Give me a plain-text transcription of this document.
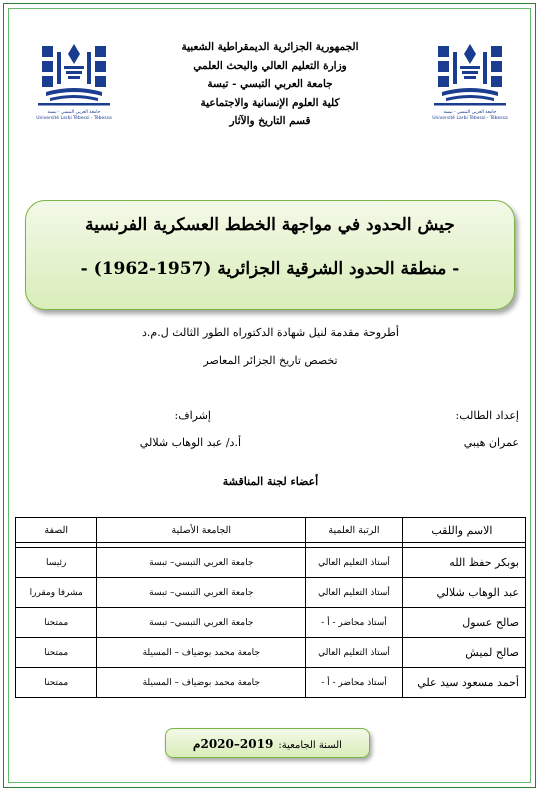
جامعة العربي التبسي - تبسة
Université Larbi Tébessi - Tébessa
جامعة العربي التبسي - تبسة
Université Larbi Tébessi - Tébessa
الجمهورية الجزائرية الديمقراطية الشعبية
وزارة التعليم العالي والبحث العلمي
جامعة العربي التبسي - تبسة
كلية العلوم الإنسانية والاجتماعية
قسم التاريخ والآثار
جيش الحدود في مواجهة الخطط العسكرية الفرنسية
- منطقة الحدود الشرقية الجزائرية (1957-1962) -
أطروحة مقدمة لنيل شهادة الدكتوراه الطور الثالث ل.م.د
تخصص تاريخ الجزائر المعاصر
إعداد الطالب:
إشراف:
عمران هيبي
أ.د/ عبد الوهاب شلالي
أعضاء لجنة المناقشة
الاسم واللقب	الرتبة العلمية	الجامعة الأصلية	الصفة

بوبكر حفظ الله	أستاذ التعليم العالي	جامعة العربي التبسي– تبسة	رئيسا
عبد الوهاب شلالي	أستاذ التعليم العالي	جامعة العربي التبسي– تبسة	مشرفا ومقررا
صالح عسول	أستاذ محاضر - أ -	جامعة العربي التبسي– تبسة	ممتحنا
صالح لميش	أستاذ التعليم العالي	جامعة محمد بوضياف – المسيلة	ممتحنا
أحمد مسعود سيد علي	أستاذ محاضر - أ -	جامعة محمد بوضياف – المسيلة	ممتحنا
السنة الجامعية: 2019–2020م
